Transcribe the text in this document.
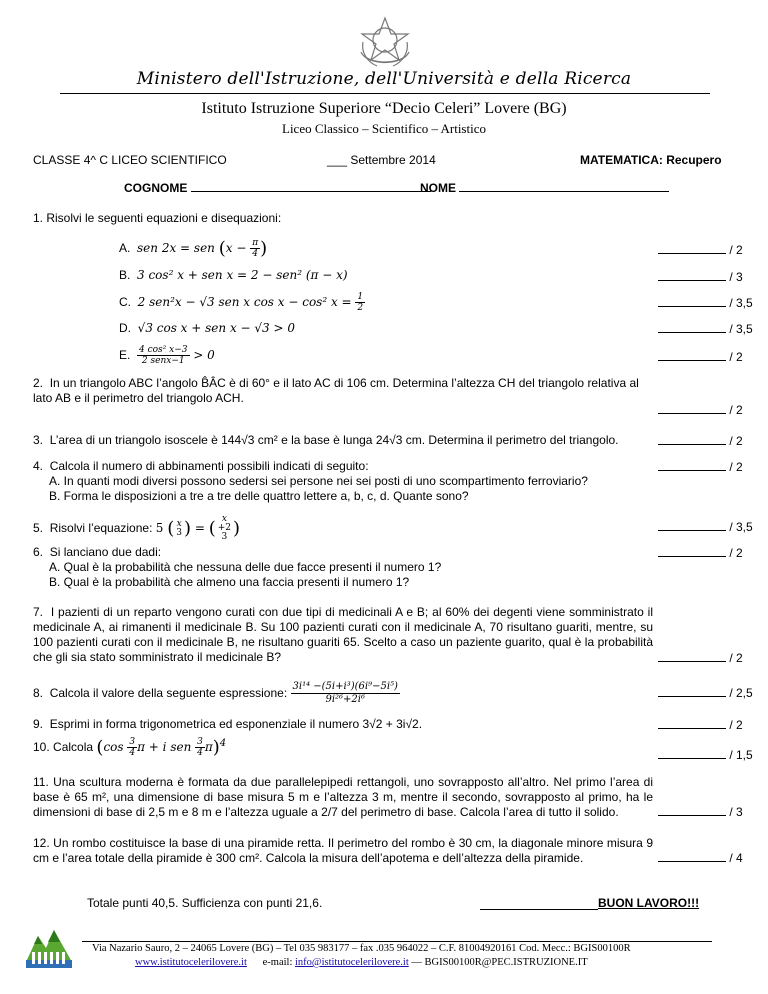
Ministero dell'Istruzione, dell'Università e della Ricerca
Istituto Istruzione Superiore “Decio Celeri” Lovere (BG)
Liceo Classico – Scientifico – Artistico
CLASSE 4^ C LICEO SCIENTIFICO	___ Settembre 2014	MATEMATICA: Recupero
COGNOME	NOME
1. Risolvi le seguenti equazioni e disequazioni:
A. sen 2x = sen ($x - \frac{\pi}{4}$ )	/ 2
B. 3 cos² x + sen x = 2 − sen² (π − x)	/ 3
C. 2 sen²x − √3 sen x cos x − cos² $x = \frac{1}{2}$	/ 3,5
D. √3 cos x + sen x − √3 > 0	/ 3,5
E. $\frac{\text{4 cos² x−3}}{\text{2 senx−1}} > 0$	/ 2
2. In un triangolo ABC l’angolo B̂ÂC è di 60° e il lato AC di 106 cm. Determina l’altezza CH del triangolo relativa al lato AB e il perimetro del triangolo ACH.
/ 2
3. L’area di un triangolo isoscele è 144√3 cm² e la base è lunga 24√3 cm. Determina il perimetro del triangolo.	/ 2
4. Calcola il numero di abbinamenti possibili indicati di seguito:
A. In quanti modi diversi possono sedersi sei persone nei sei posti di uno scompartimento ferroviario?
B. Forma le disposizioni a tre a tre delle quattro lettere a, b, c, d. Quante sono?
/ 2
5. Risolvi l’equazione: 5 ( x
3 ) = ( x
+2
3 )	/ 3,5
6. Si lanciano due dadi:
A. Qual è la probabilità che nessuna delle due facce presenti il numero 1?
B. Qual è la probabilità che almeno una faccia presenti il numero 1?
/ 2
7. I pazienti di un reparto vengono curati con due tipi di medicinali A e B; al 60% dei degenti viene somministrato il medicinale A, ai rimanenti il medicinale B. Su 100 pazienti curati con il medicinale A, 70 risultano guariti, mentre, su 100 pazienti curati con il medicinale B, ne risultano guariti 65. Scelto a caso un paziente guarito, qual è la probabilità che gli sia stato somministrato il medicinale B?	/ 2
8. Calcola il valore della seguente espressione: $\frac{\text{3i¹⁴ −(5i+i³)(6i⁹−5i⁵)}}{\text{9i²⁶+2i⁶}}$	/ 2,5
9. Esprimi in forma trigonometrica ed esponenziale il numero 3√2 + 3i√2.	/ 2
10. Calcola ($\cos \frac{3}{4}$ π + i sen $\frac{3}{4} \pi)^4$
/ 1,5
11. Una scultura moderna è formata da due parallelepipedi rettangoli, uno sovrapposto all’altro. Nel primo l’area di base è 65 m², una dimensione di base misura 5 m e l’altezza 3 m, mentre il secondo, sovrapposto al primo, ha le dimensioni di base di 2,5 m e 8 m e l’altezza uguale a 2/7 del perimetro di base. Calcola l’area di tutto il solido.	/ 3
12. Un rombo costituisce la base di una piramide retta. Il perimetro del rombo è 30 cm, la diagonale minore misura 9 cm e l’area totale della piramide è 300 cm². Calcola la misura dell’apotema e dell’altezza della piramide.	/ 4
Totale punti 40,5. Sufficienza con punti 21,6.	BUON LAVORO!!!
Via Nazario Sauro, 2 – 24065 Lovere (BG) – Tel 035 983177 – fax .035 964022 – C.F. 81004920161 Cod. Mecc.: BGIS00100R
www.istitutocelerilovere.it e-mail: info@istitutocelerilovere.it — BGIS00100R@PEC.ISTRUZIONE.IT
